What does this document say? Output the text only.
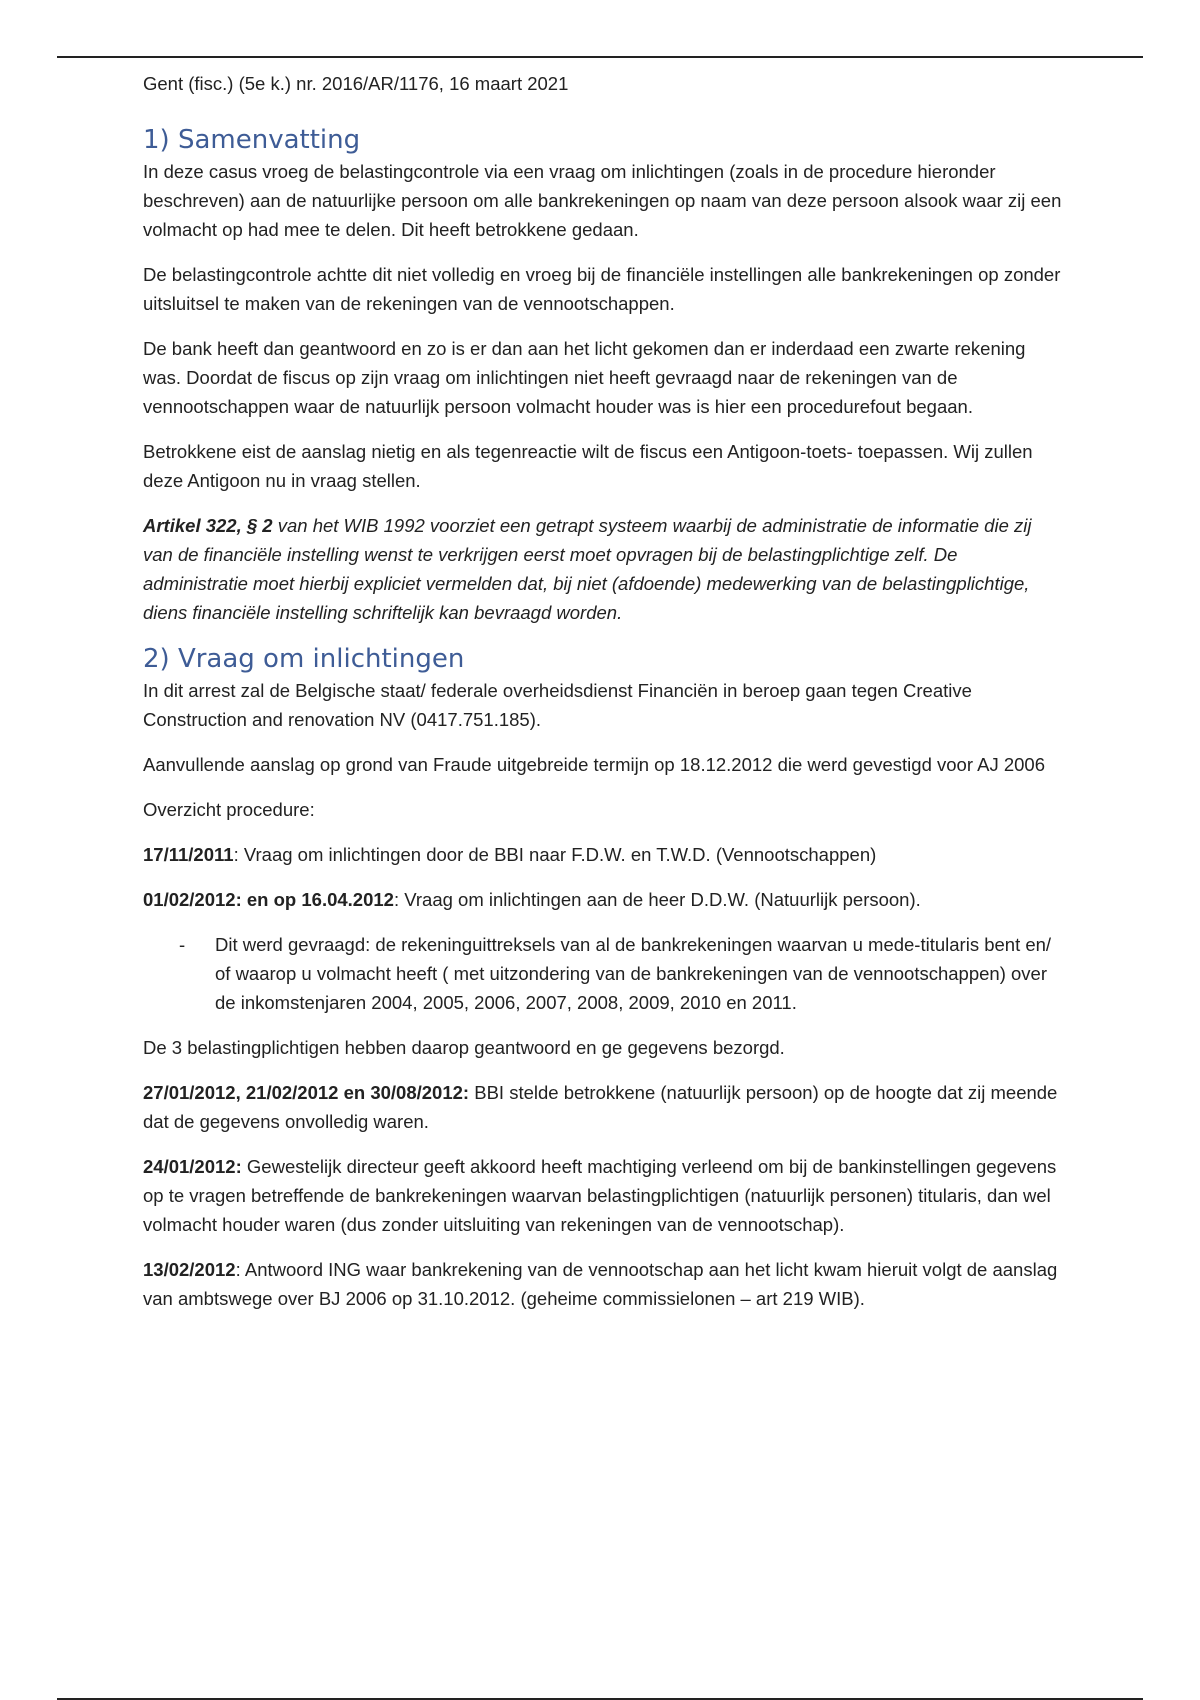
Gent (fisc.) (5e k.) nr. 2016/AR/1176, 16 maart 2021
1) Samenvatting

In deze casus vroeg de belastingcontrole via een vraag om inlichtingen (zoals in de procedure hieronder beschreven) aan de natuurlijke persoon om alle bankrekeningen op naam van deze persoon alsook waar zij een volmacht op had mee te delen. Dit heeft betrokkene gedaan.

De belastingcontrole achtte dit niet volledig en vroeg bij de financiële instellingen alle bankrekeningen op zonder uitsluitsel te maken van de rekeningen van de vennootschappen.

De bank heeft dan geantwoord en zo is er dan aan het licht gekomen dan er inderdaad een zwarte rekening was. Doordat de fiscus op zijn vraag om inlichtingen niet heeft gevraagd naar de rekeningen van de vennootschappen waar de natuurlijk persoon volmacht houder was is hier een procedurefout begaan.

Betrokkene eist de aanslag nietig en als tegenreactie wilt de fiscus een Antigoon-toets- toepassen. Wij zullen deze Antigoon nu in vraag stellen.

Artikel 322, § 2 van het WIB 1992 voorziet een getrapt systeem waarbij de administratie de informatie die zij van de financiële instelling wenst te verkrijgen eerst moet opvragen bij de belastingplichtige zelf. De administratie moet hierbij expliciet vermelden dat, bij niet (afdoende) medewerking van de belastingplichtige, diens financiële instelling schriftelijk kan bevraagd worden.

2) Vraag om inlichtingen

In dit arrest zal de Belgische staat/ federale overheidsdienst Financiën in beroep gaan tegen Creative Construction and renovation NV (0417.751.185).

Aanvullende aanslag op grond van Fraude uitgebreide termijn op 18.12.2012 die werd gevestigd voor AJ 2006

Overzicht procedure:

17/11/2011: Vraag om inlichtingen door de BBI naar F.D.W. en T.W.D. (Vennootschappen)

01/02/2012: en op 16.04.2012: Vraag om inlichtingen aan de heer D.D.W. (Natuurlijk persoon).

-	Dit werd gevraagd: de rekeninguittreksels van al de bankrekeningen waarvan u mede-titularis bent en/ of waarop u volmacht heeft ( met uitzondering van de bankrekeningen van de vennootschappen) over de inkomstenjaren 2004, 2005, 2006, 2007, 2008, 2009, 2010 en 2011.

De 3 belastingplichtigen hebben daarop geantwoord en ge gegevens bezorgd.

27/01/2012, 21/02/2012 en 30/08/2012: BBI stelde betrokkene (natuurlijk persoon) op de hoogte dat zij meende dat de gegevens onvolledig waren.

24/01/2012: Gewestelijk directeur geeft akkoord heeft machtiging verleend om bij de bankinstellingen gegevens op te vragen betreffende de bankrekeningen waarvan belastingplichtigen (natuurlijk personen) titularis, dan wel volmacht houder waren (dus zonder uitsluiting van rekeningen van de vennootschap).

13/02/2012: Antwoord ING waar bankrekening van de vennootschap aan het licht kwam hieruit volgt de aanslag van ambtswege over BJ 2006 op 31.10.2012. (geheime commissielonen – art 219 WIB).
